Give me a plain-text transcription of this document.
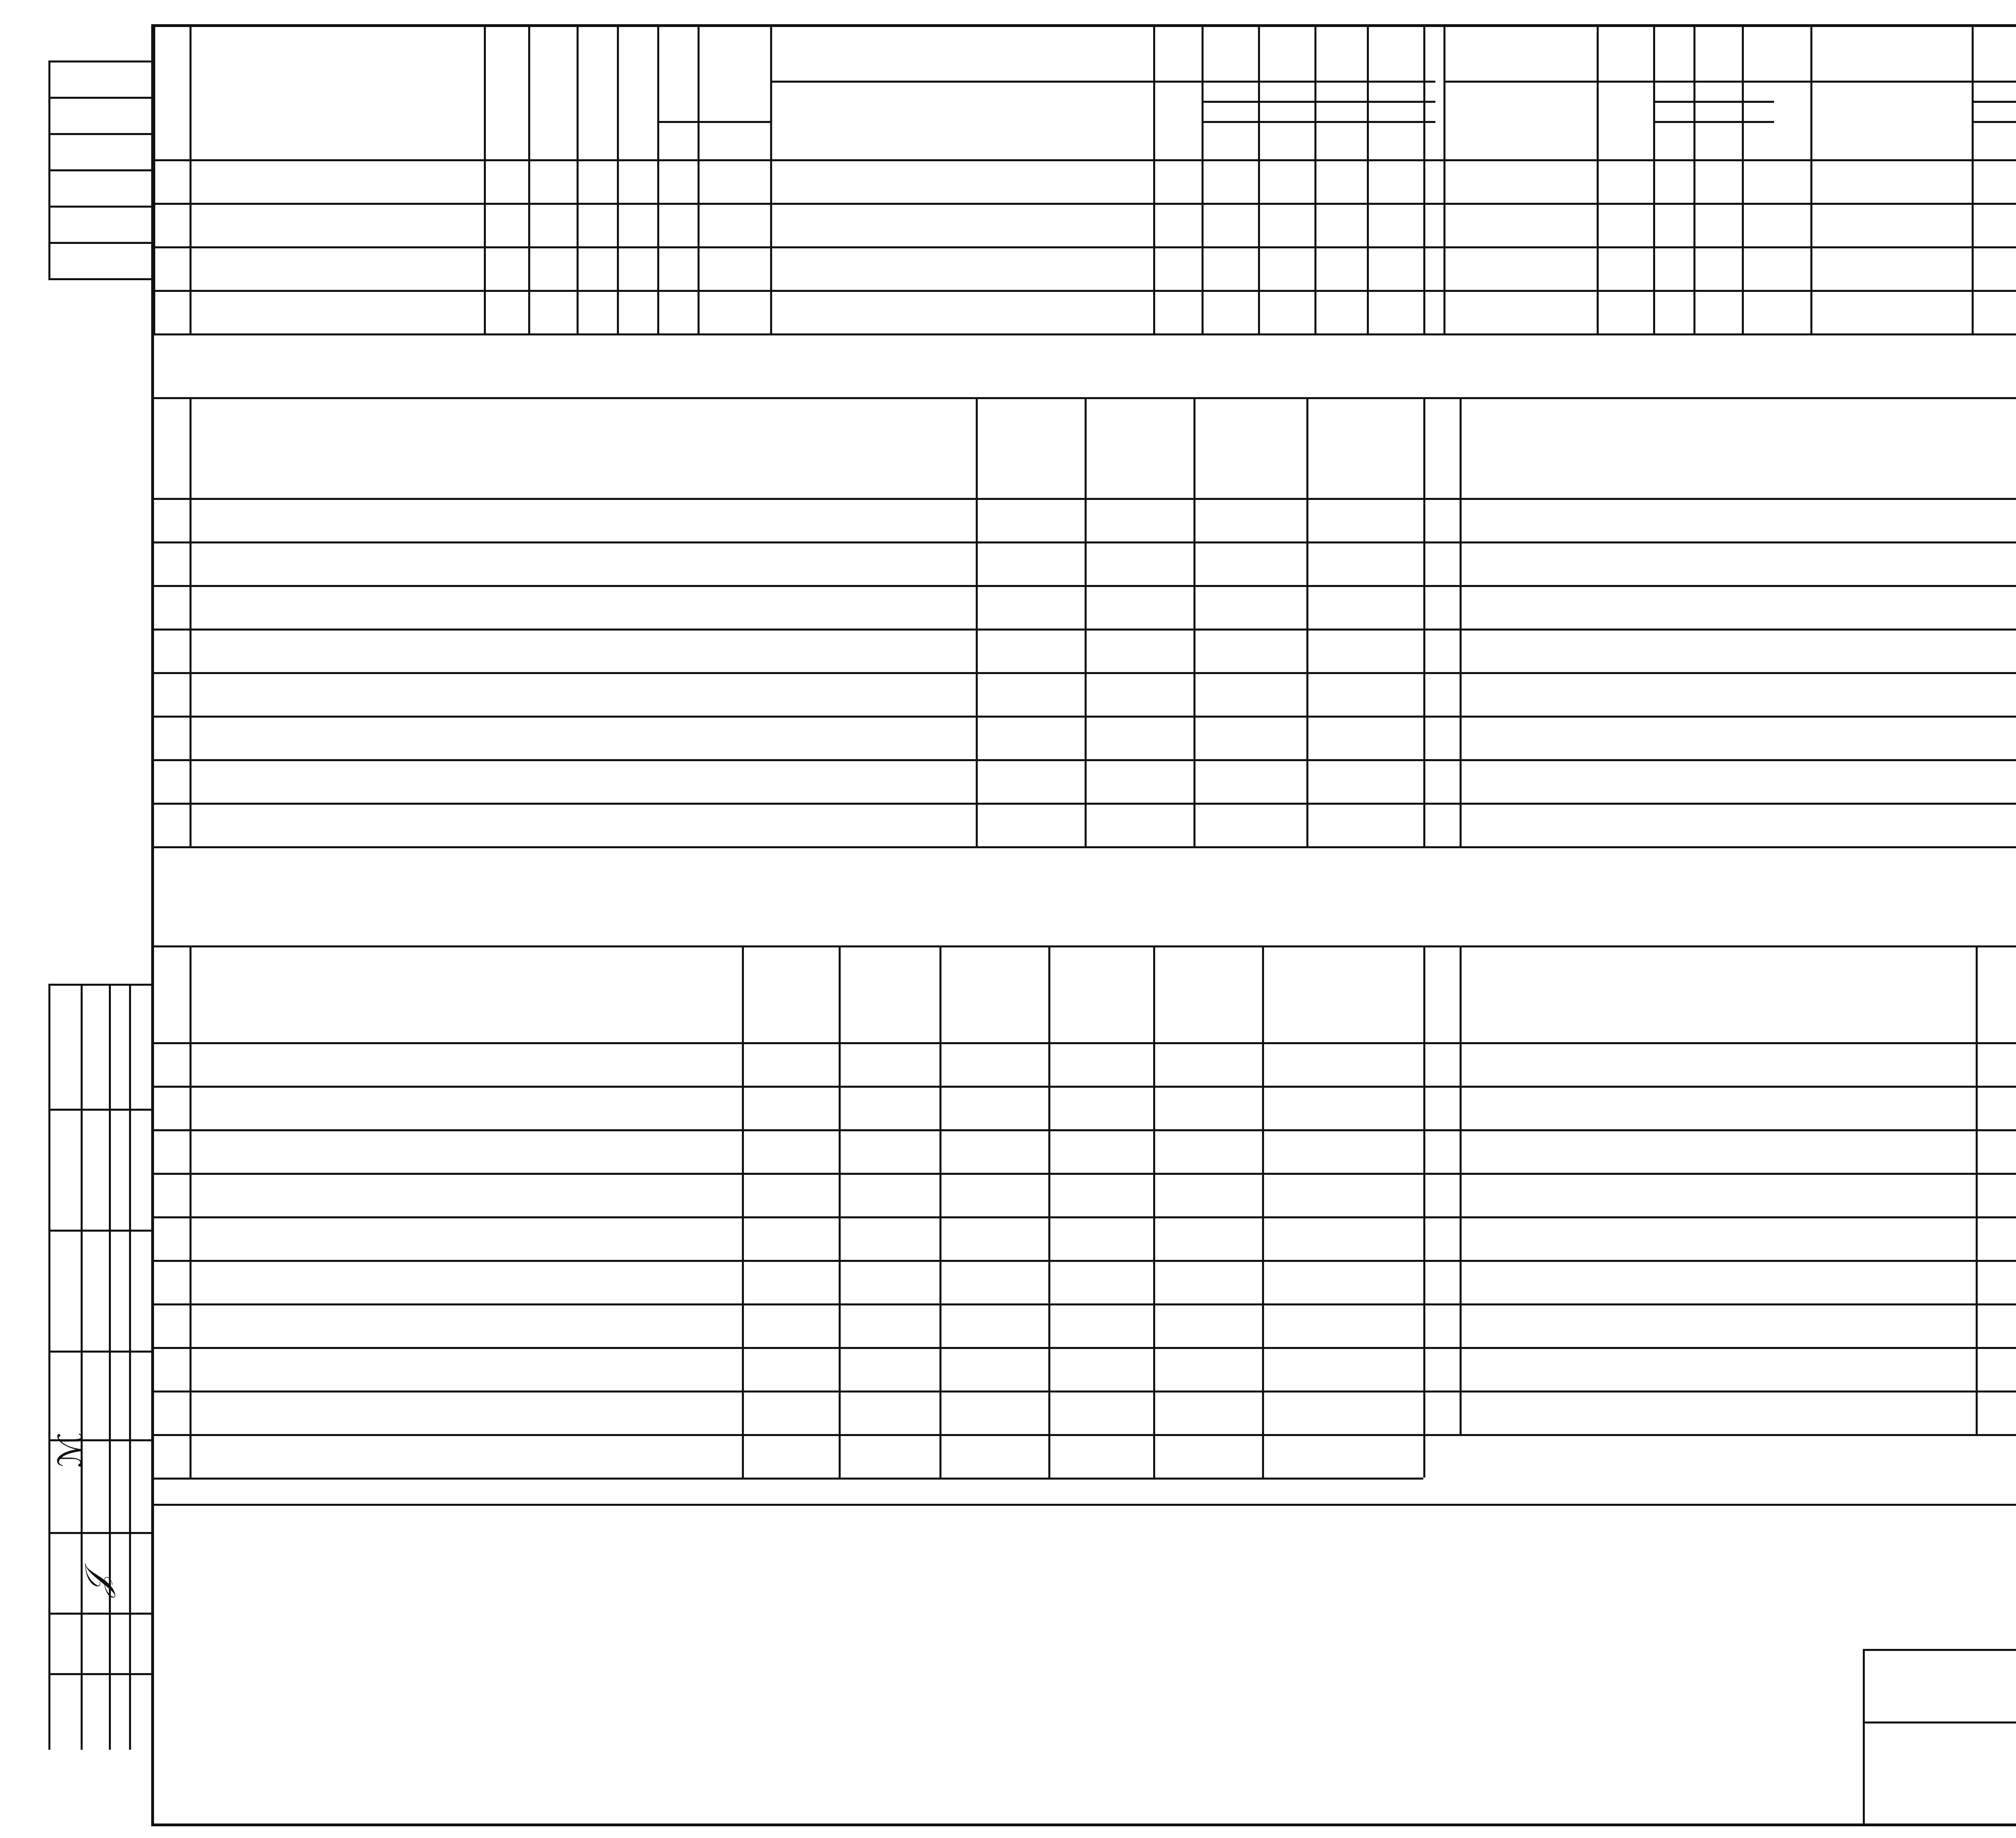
ℳ
𝒥
